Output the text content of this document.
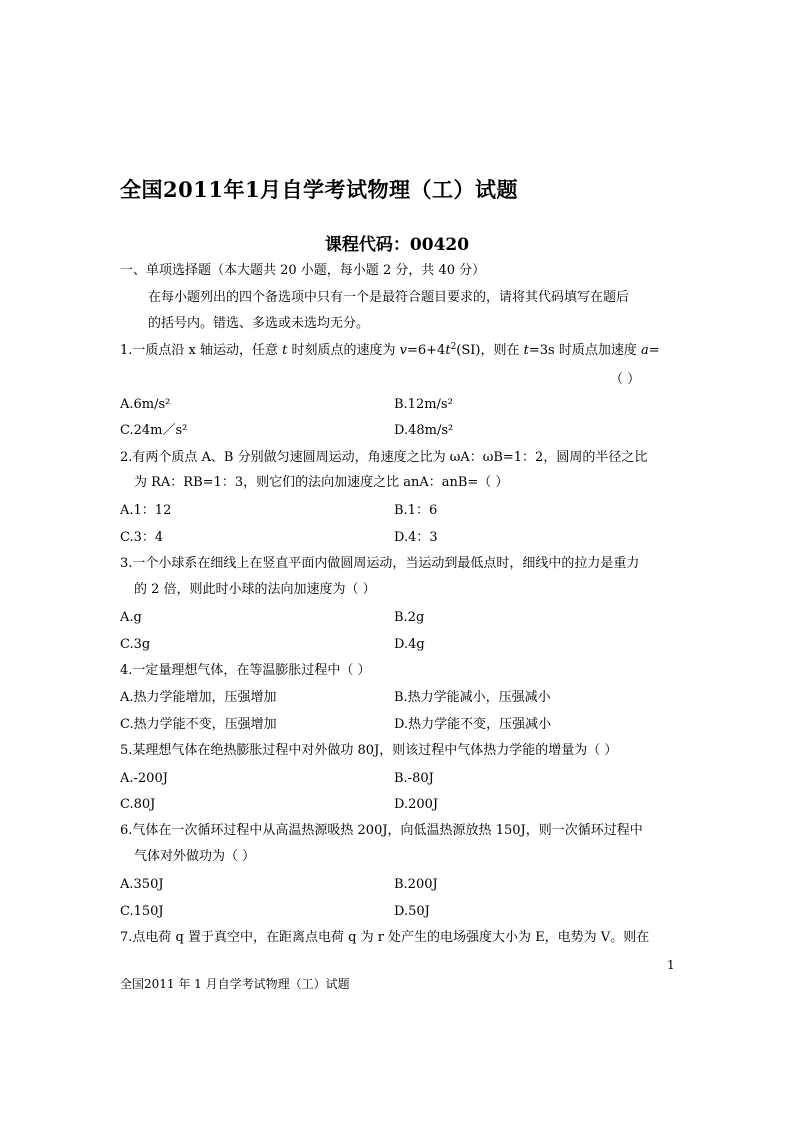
全国2011年1月自学考试物理（工）试题
课程代码：00420
一、单项选择题（本大题共 20 小题，每小题 2 分，共 40 分）
在每小题列出的四个备选项中只有一个是最符合题目要求的，请将其代码填写在题后
的括号内。错选、多选或未选均无分。
1.一质点沿 x 轴运动，任意 t 时刻质点的速度为 $v=6+4t^2(SI)$，则在 t=3s 时质点加速度 a=
（ ）
A.6m/s²	B.12m/s²
C.24m／s²	D.48m/s²
2.有两个质点 A、B 分别做匀速圆周运动，角速度之比为 ωA：ωB=1：2，圆周的半径之比
为 RA：RB=1：3，则它们的法向加速度之比 anA：anB=（ ）
A.1：12	B.1：6
C.3：4	D.4：3
3.一个小球系在细线上在竖直平面内做圆周运动，当运动到最低点时，细线中的拉力是重力
的 2 倍，则此时小球的法向加速度为（ ）
A.g	B.2g
C.3g	D.4g
4.一定量理想气体，在等温膨胀过程中（ ）
A.热力学能增加，压强增加	B.热力学能减小，压强减小
C.热力学能不变，压强增加	D.热力学能不变，压强减小
5.某理想气体在绝热膨胀过程中对外做功 80J，则该过程中气体热力学能的增量为（ ）
A.-200J	B.-80J
C.80J	D.200J
6.气体在一次循环过程中从高温热源吸热 200J，向低温热源放热 150J，则一次循环过程中
气体对外做功为（ ）
A.350J	B.200J
C.150J	D.50J
7.点电荷 q 置于真空中，在距离点电荷 q 为 r 处产生的电场强度大小为 E，电势为 V。则在
1
全国2011 年 1 月自学考试物理（工）试题
